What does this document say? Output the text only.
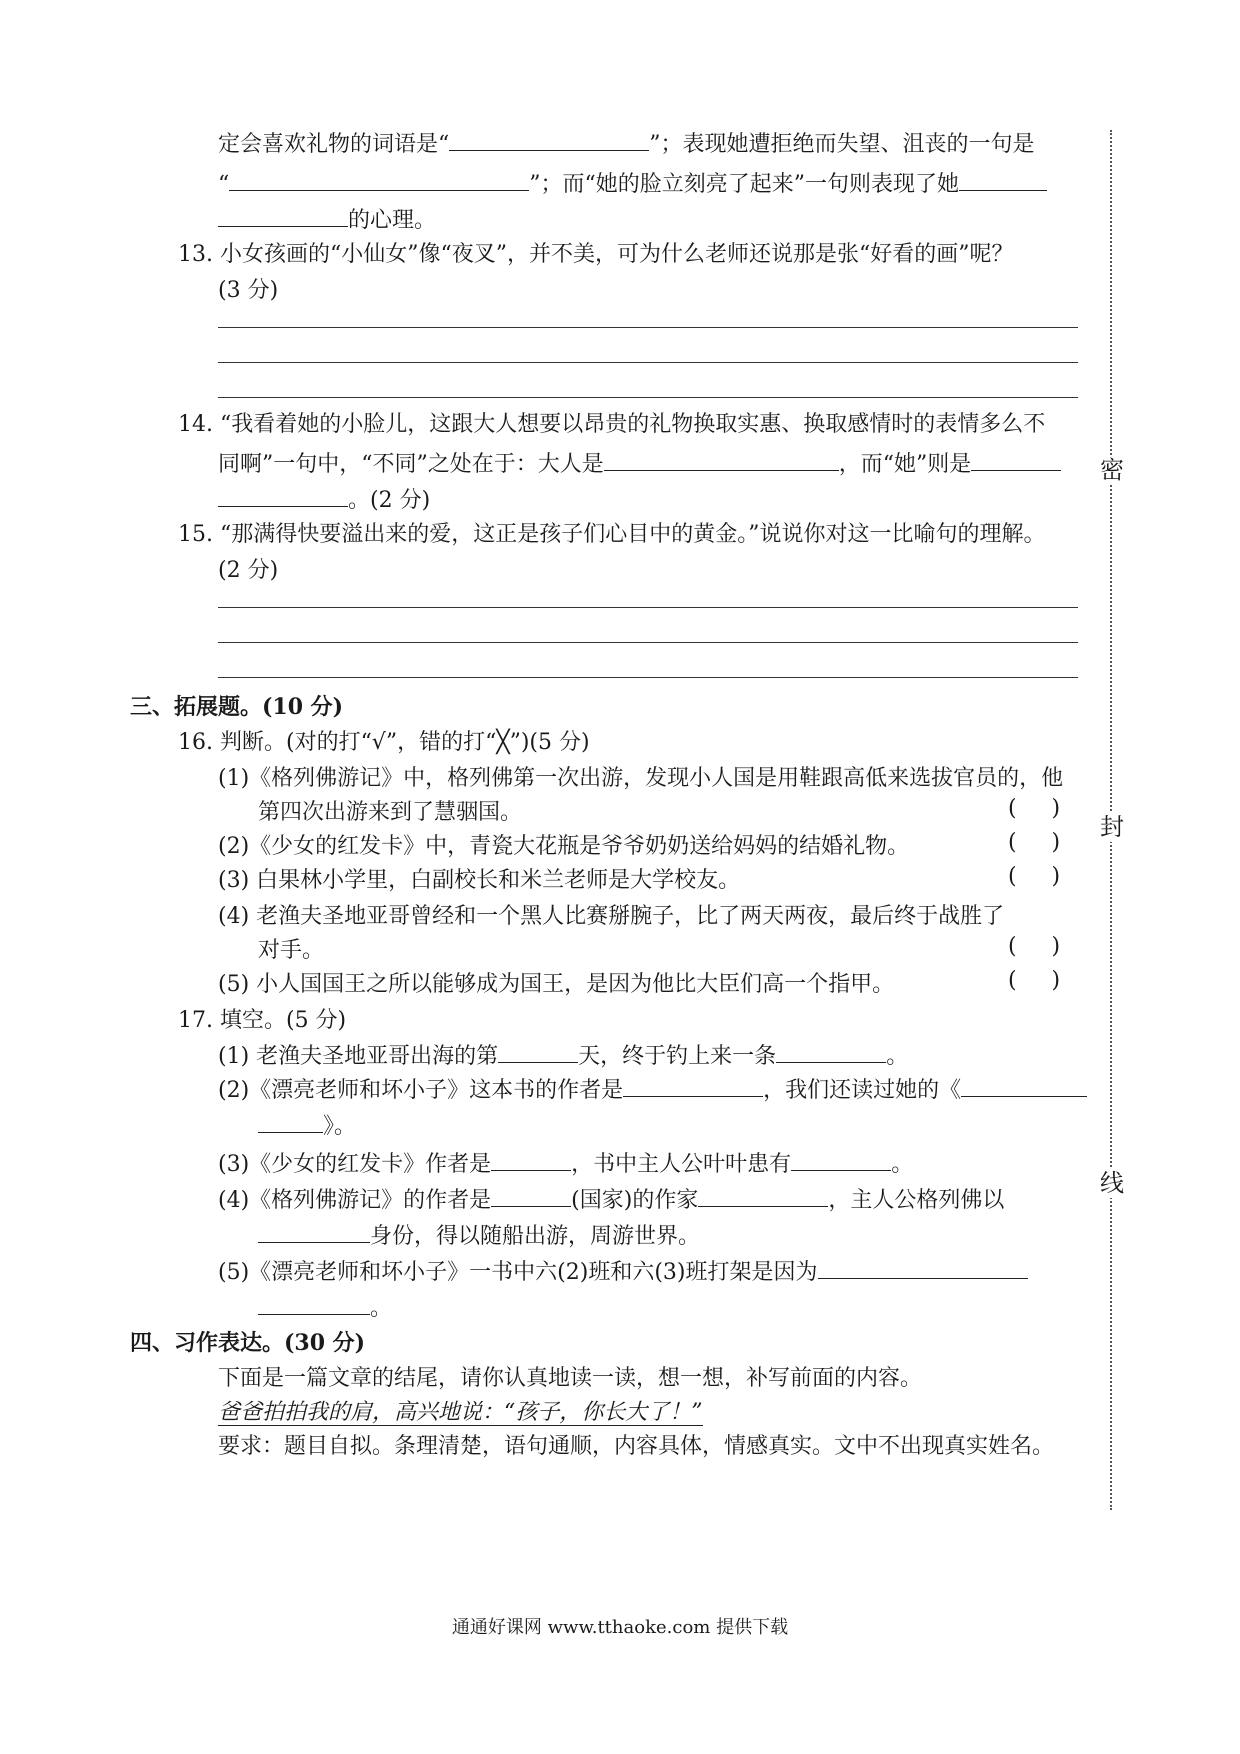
密
封
线
定会喜欢礼物的词语是“	”；表现她遭拒绝而失望、沮丧的一句是
“	”；而“她的脸立刻亮了起来”一句则表现了她
的心理。
13. 小女孩画的“小仙女”像“夜叉”，并不美，可为什么老师还说那是张“好看的画”呢？
(3 分)
14. “我看着她的小脸儿，这跟大人想要以昂贵的礼物换取实惠、换取感情时的表情多么不
同啊”一句中，“不同”之处在于：大人是	，而“她”则是
。(2 分)
15. “那满得快要溢出来的爱，这正是孩子们心目中的黄金。”说说你对这一比喻句的理解。
(2 分)
三、拓展题。(10 分)
16. 判断。(对的打“√”，错的打“╳”)(5 分)
(1)《格列佛游记》中，格列佛第一次出游，发现小人国是用鞋跟高低来选拔官员的，他
第四次出游来到了慧骃国。	(     )
(2)《少女的红发卡》中，青瓷大花瓶是爷爷奶奶送给妈妈的结婚礼物。	(     )
(3) 白果林小学里，白副校长和米兰老师是大学校友。	(     )
(4) 老渔夫圣地亚哥曾经和一个黑人比赛掰腕子，比了两天两夜，最后终于战胜了
对手。	(     )
(5) 小人国国王之所以能够成为国王，是因为他比大臣们高一个指甲。	(     )
17. 填空。(5 分)
(1) 老渔夫圣地亚哥出海的第	天，终于钓上来一条	。
(2)《漂亮老师和坏小子》这本书的作者是	，我们还读过她的《
》。
(3)《少女的红发卡》作者是	，书中主人公叶叶患有	。
(4)《格列佛游记》的作者是	(国家)的作家	，主人公格列佛以
身份，得以随船出游，周游世界。
(5)《漂亮老师和坏小子》一书中六(2)班和六(3)班打架是因为
。
四、习作表达。(30 分)
下面是一篇文章的结尾，请你认真地读一读，想一想，补写前面的内容。
爸爸拍拍我的肩，高兴地说：“孩子，你长大了！”
要求：题目自拟。条理清楚，语句通顺，内容具体，情感真实。文中不出现真实姓名。
通通好课网 www.tthaoke.com 提供下载
